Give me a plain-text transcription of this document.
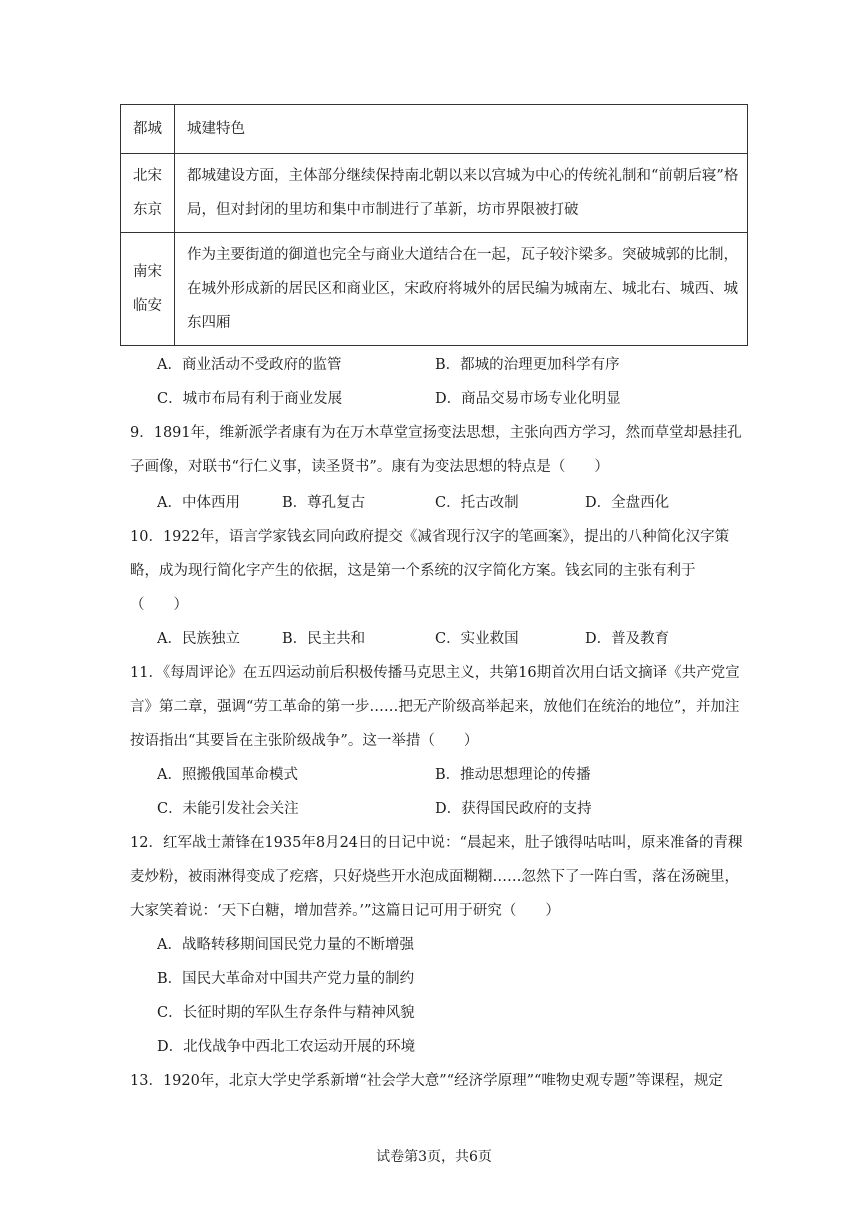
都城	城建特色

北宋
东京	都城建设方面，主体部分继续保持南北朝以来以宫城为中心的传统礼制和“前朝后寝”格局，但对封闭的里坊和集中市制进行了革新，坊市界限被打破

南宋
临安	作为主要街道的御道也完全与商业大道结合在一起，瓦子较汴梁多。突破城郭的比制，在城外形成新的居民区和商业区，宋政府将城外的居民编为城南左、城北右、城西、城东四厢
A．商业活动不受政府的监管	B．都城的治理更加科学有序
C．城市布局有利于商业发展	D．商品交易市场专业化明显

9．1891年，维新派学者康有为在万木草堂宣扬变法思想，主张向西方学习，然而草堂却悬挂孔子画像，对联书“行仁义事，读圣贤书”。康有为变法思想的特点是（　　）

A．中体西用	B．尊孔复古	C．托古改制	D．全盘西化

10．1922年，语言学家钱玄同向政府提交《减省现行汉字的笔画案》，提出的八种简化汉字策略，成为现行简化字产生的依据，这是第一个系统的汉字简化方案。钱玄同的主张有利于（　　）

A．民族独立	B．民主共和	C．实业救国	D．普及教育

11．《每周评论》在五四运动前后积极传播马克思主义，共第16期首次用白话文摘译《共产党宣言》第二章，强调“劳工革命的第一步……把无产阶级高举起来，放他们在统治的地位”，并加注按语指出“其要旨在主张阶级战争”。这一举措（　　）

A．照搬俄国革命模式	B．推动思想理论的传播
C．未能引发社会关注	D．获得国民政府的支持

12．红军战士萧锋在1935年8月24日的日记中说：“晨起来，肚子饿得咕咕叫，原来准备的青稞麦炒粉，被雨淋得变成了疙瘩，只好烧些开水泡成面糊糊……忽然下了一阵白雪，落在汤碗里，大家笑着说：‘天下白糖，增加营养。’”这篇日记可用于研究（　　）

A．战略转移期间国民党力量的不断增强
B．国民大革命对中国共产党力量的制约
C．长征时期的军队生存条件与精神风貌
D．北伐战争中西北工农运动开展的环境

13．1920年，北京大学史学系新增“社会学大意”“经济学原理”“唯物史观专题”等课程，规定

试卷第3页，共6页
